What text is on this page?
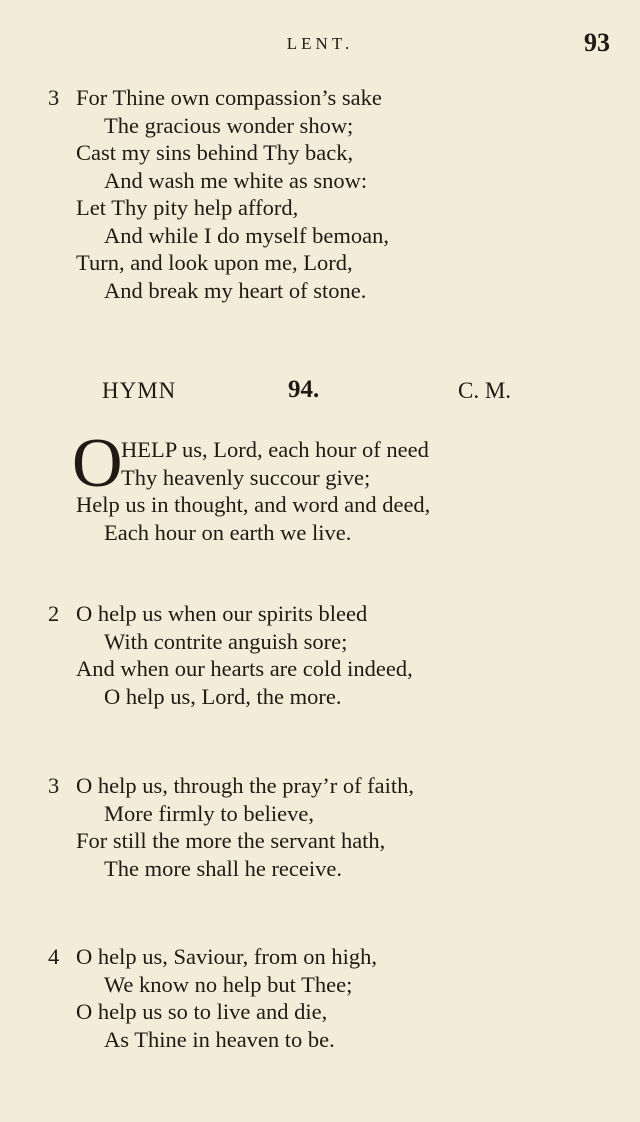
LENT.	93
3 For Thine own compassion’s sake
The gracious wonder show;
Cast my sins behind Thy back,
And wash me white as snow:
Let Thy pity help afford,
And while I do myself bemoan,
Turn, and look upon me, Lord,
And break my heart of stone.
HYMN	94.	C. M.
O
HELP us, Lord, each hour of need
Thy heavenly succour give;
Help us in thought, and word and deed,
Each hour on earth we live.
2 O help us when our spirits bleed
With contrite anguish sore;
And when our hearts are cold indeed,
O help us, Lord, the more.
3 O help us, through the pray’r of faith,
More firmly to believe,
For still the more the servant hath,
The more shall he receive.
4 O help us, Saviour, from on high,
We know no help but Thee;
O help us so to live and die,
As Thine in heaven to be.
